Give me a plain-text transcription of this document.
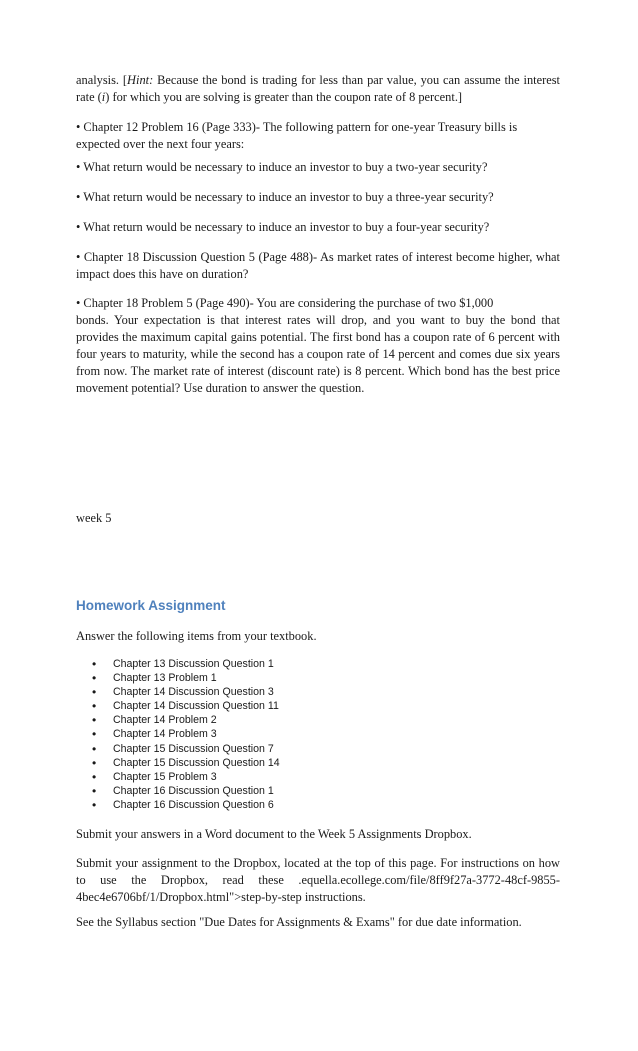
analysis. [Hint: Because the bond is trading for less than par value, you can assume the interest rate (i) for which you are solving is greater than the coupon rate of 8 percent.]

• Chapter 12 Problem 16 (Page 333)- The following pattern for one-year Treasury bills is expected over the next four years:

• What return would be necessary to induce an investor to buy a two-year security?

• What return would be necessary to induce an investor to buy a three-year security?

• What return would be necessary to induce an investor to buy a four-year security?

• Chapter 18 Discussion Question 5 (Page 488)- As market rates of interest become higher, what impact does this have on duration?

• Chapter 18 Problem 5 (Page 490)- You are considering the purchase of two $1,000

bonds. Your expectation is that interest rates will drop, and you want to buy the bond that provides the maximum capital gains potential. The first bond has a coupon rate of 6 percent with four years to maturity, while the second has a coupon rate of 14 percent and comes due six years from now. The market rate of interest (discount rate) is 8 percent. Which bond has the best price movement potential? Use duration to answer the question.

week 5

Homework Assignment

Answer the following items from your textbook.

• Chapter 13 Discussion Question 1
• Chapter 13 Problem 1
• Chapter 14 Discussion Question 3
• Chapter 14 Discussion Question 11
• Chapter 14 Problem 2
• Chapter 14 Problem 3
• Chapter 15 Discussion Question 7
• Chapter 15 Discussion Question 14
• Chapter 15 Problem 3
• Chapter 16 Discussion Question 1
• Chapter 16 Discussion Question 6

Submit your answers in a Word document to the Week 5 Assignments Dropbox.

Submit your assignment to the Dropbox, located at the top of this page. For instructions on how to use the Dropbox, read these .equella.ecollege.com/file/8ff9f27a-3772-48cf-9855-4bec4e6706bf/1/Dropbox.html">step-by-step instructions.

See the Syllabus section "Due Dates for Assignments & Exams" for due date information.
